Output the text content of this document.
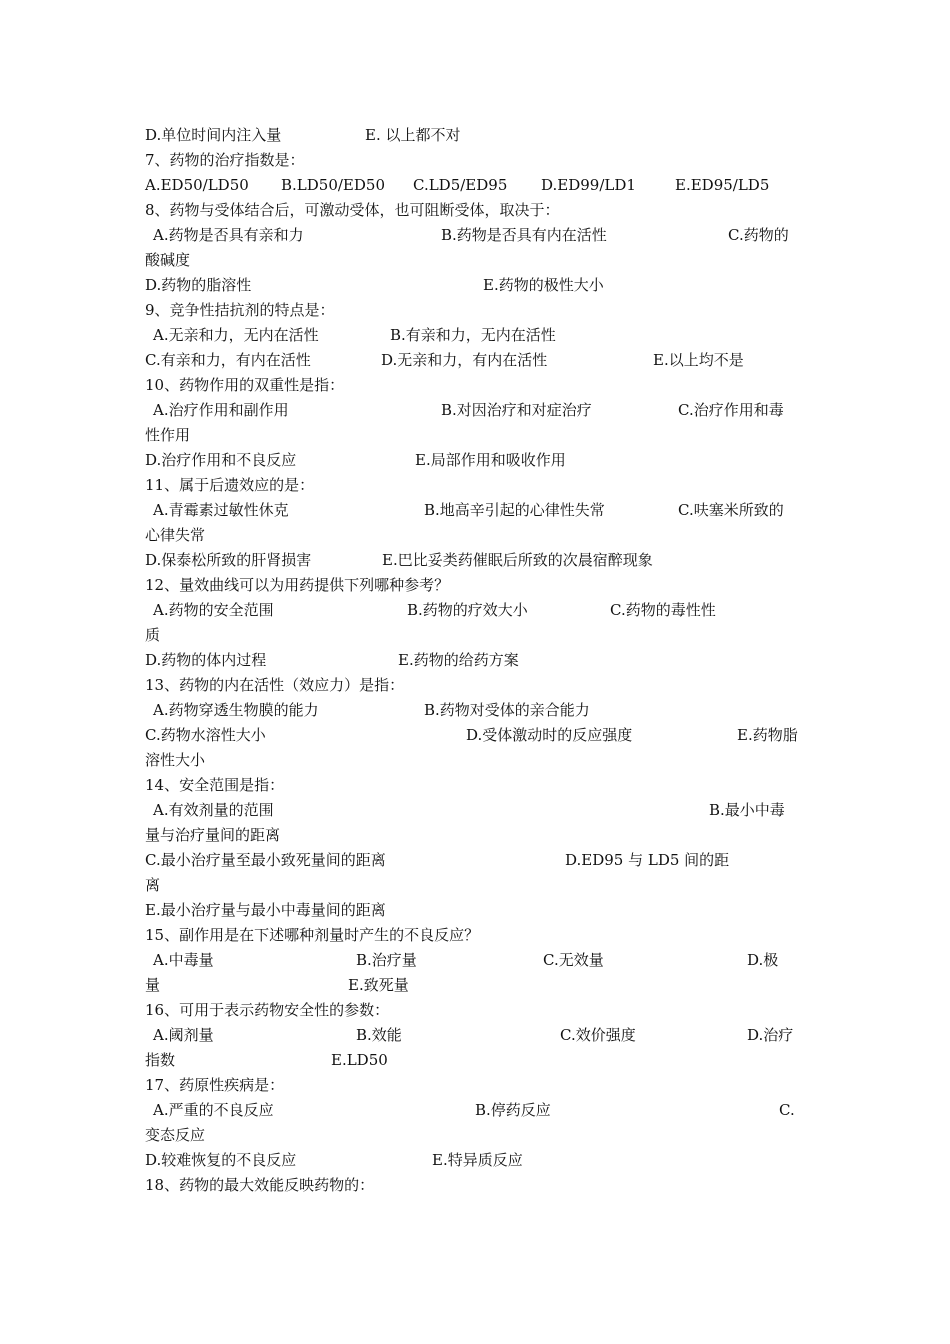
D.单位时间内注入量	E. 以上都不对
7、药物的治疗指数是：
A.ED50/LD50 B.LD50/ED50 C.LD5/ED95 D.ED99/LD1	E.ED95/LD5
8、药物与受体结合后，可激动受体，也可阻断受体，取决于：
A.药物是否具有亲和力	B.药物是否具有内在活性	C.药物的
酸碱度
D.药物的脂溶性	E.药物的极性大小
9、竞争性拮抗剂的特点是：
A.无亲和力，无内在活性	B.有亲和力，无内在活性
C.有亲和力，有内在活性	D.无亲和力，有内在活性	E.以上均不是
10、药物作用的双重性是指：
A.治疗作用和副作用	B.对因治疗和对症治疗	C.治疗作用和毒
性作用
D.治疗作用和不良反应	E.局部作用和吸收作用
11、属于后遗效应的是：
A.青霉素过敏性休克	B.地高辛引起的心律性失常	C.呋塞米所致的
心律失常
D.保泰松所致的肝肾损害	E.巴比妥类药催眠后所致的次晨宿醉现象
12、量效曲线可以为用药提供下列哪种参考？
A.药物的安全范围	B.药物的疗效大小	C.药物的毒性性
质
D.药物的体内过程	E.药物的给药方案
13、药物的内在活性（效应力）是指：
A.药物穿透生物膜的能力	B.药物对受体的亲合能力
C.药物水溶性大小	D.受体激动时的反应强度	E.药物脂
溶性大小
14、安全范围是指：
A.有效剂量的范围	B.最小中毒
量与治疗量间的距离
C.最小治疗量至最小致死量间的距离	D.ED95 与 LD5 间的距
离
E.最小治疗量与最小中毒量间的距离
15、副作用是在下述哪种剂量时产生的不良反应？
A.中毒量	B.治疗量	C.无效量	D.极
量	E.致死量
16、可用于表示药物安全性的参数：
A.阈剂量	B.效能	C.效价强度	D.治疗
指数	E.LD50
17、药原性疾病是：
A.严重的不良反应	B.停药反应	C.
变态反应
D.较难恢复的不良反应	E.特异质反应
18、药物的最大效能反映药物的：
